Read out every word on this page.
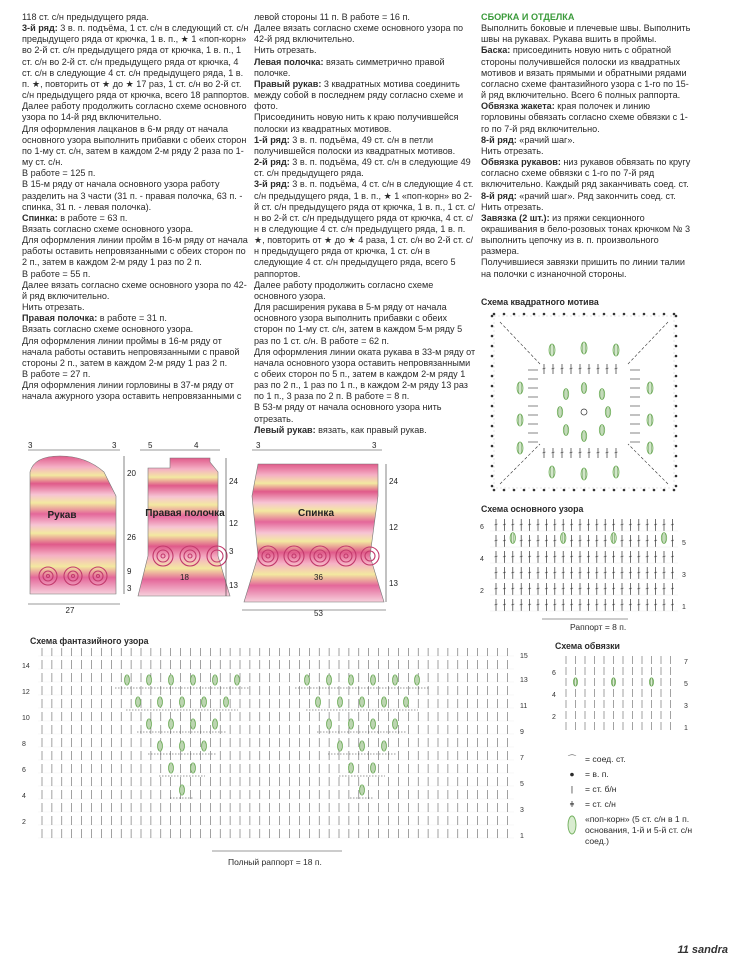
118 ст. с/н предыдущего ряда.

3-й ряд: 3 в. п. подъёма, 1 ст. с/н в следующий ст. с/н предыдущего ряда от крючка, 1 в. п., ★ 1 «поп-корн» во 2-й ст. с/н предыдущего ряда от крючка, 1 в. п., 1 ст. с/н во 2-й ст. с/н предыдущего ряда от крючка, 4 ст. с/н в следующие 4 ст. с/н предыдущего ряда, 1 в. п. ★, повторить от ★ до ★ 17 раз, 1 ст. с/н во 2-й ст. с/н предыдущего ряда от крючка, всего 18 раппортов.

Далее работу продолжить согласно схеме основного узора по 14-й ряд включительно.

Для оформления лацканов в 6-м ряду от начала основного узора выполнить прибавки с обеих сторон по 1-му ст. с/н, затем в каждом 2-м ряду 2 раза по 1-му ст. с/н.

В работе = 125 п.

В 15-м ряду от начала основного узора работу разделить на 3 части (31 п. - правая полочка, 63 п. - спинка, 31 п. - левая полочка).

Спинка: в работе = 63 п.

Вязать согласно схеме основного узора.

Для оформления линии пройм в 16-м ряду от начала работы оставить непровязанными с обеих сторон по 2 п., затем в каждом 2-м ряду 1 раз по 2 п.

В работе = 55 п.

Далее вязать согласно схеме основного узора по 42-й ряд включительно.

Нить отрезать.

Правая полочка: в работе = 31 п.

Вязать согласно схеме основного узора.

Для оформления линии проймы в 16-м ряду от начала работы оставить непровязанными с правой стороны 2 п., затем в каждом 2-м ряду 1 раз 2 п.

В работе = 27 п.

Для оформления линии горловины в 37-м ряду от начала ажурного узора оставить непровязанными с

левой стороны 11 п. В работе = 16 п.

Далее вязать согласно схеме основного узора по 42-й ряд включительно.

Нить отрезать.

Левая полочка: вязать симметрично правой полочке.

Правый рукав: 3 квадратных мотива соединить между собой в последнем ряду согласно схеме и фото.

Присоединить новую нить к краю получившейся полоски из квадратных мотивов.

1-й ряд: 3 в. п. подъёма, 49 ст. с/н в петли получившейся полоски из квадратных мотивов.

2-й ряд: 3 в. п. подъёма, 49 ст. с/н в следующие 49 ст. с/н предыдущего ряда.

3-й ряд: 3 в. п. подъёма, 4 ст. с/н в следующие 4 ст. с/н предыдущего ряда, 1 в. п., ★ 1 «поп-корн» во 2-й ст. с/н предыдущего ряда от крючка, 1 в. п., 1 ст. с/н во 2-й ст. с/н предыдущего ряда от крючка, 4 ст. с/н в следующие 4 ст. с/н предыдущего ряда, 1 в. п. ★, повторить от ★ до ★ 4 раза, 1 ст. с/н во 2-й ст. с/н предыдущего ряда от крючка, 1 ст. с/н в следующие 4 ст. с/н предыдущего ряда, всего 5 раппортов.

Далее работу продолжить согласно схеме основного узора.

Для расширения рукава в 5-м ряду от начала основного узора выполнить прибавки с обеих сторон по 1-му ст. с/н, затем в каждом 5-м ряду 5 раз по 1 ст. с/н. В работе = 62 п.

Для оформления линии оката рукава в 33-м ряду от начала основного узора оставить непровязанными с обеих сторон по 5 п., затем в каждом 2-м ряду 1 раз по 2 п., 1 раз по 1 п., в каждом 2-м ряду 13 раз по 1 п., 3 раза по 2 п. В работе = 8 п.

В 53-м ряду от начала основного узора нить отрезать.

Левый рукав: вязать, как правый рукав.

СБОРКА И ОТДЕЛКА

Выполнить боковые и плечевые швы. Выполнить швы на рукавах. Рукава вшить в проймы.

Баска: присоединить новую нить с обратной стороны получившейся полоски из квадратных мотивов и вязать прямыми и обратными рядами согласно схеме фантазийного узора с 1-го по 15-й ряд включительно. Всего 6 полных раппорта.

Обвязка жакета: края полочек и линию горловины обвязать согласно схеме обвязки с 1-го по 7-й ряд включительно.

8-й ряд: «рачий шаг».

Нить отрезать.

Обвязка рукавов: низ рукавов обвязать по кругу согласно схеме обвязки с 1-го по 7-й ряд включительно. Каждый ряд заканчивать соед. ст.

8-й ряд: «рачий шаг». Ряд закончить соед. ст.

Нить отрезать.

Завязка (2 шт.): из пряжи секционного окрашивания в бело-розовых тонах крючком № 3 выполнить цепочку из в. п. произвольного размера.

Получившиеся завязки пришить по линии талии на полочки с изнаночной стороны.

Схема квадратного мотива
Схема основного узора
Схема фантазийного узора	Схема обвязки
Рукав	Правая полочка	Спинка
3	3
27
20
26
9
3
5	4
18
24
12
3
13
3	3
36
53
24
12
13
6
4
2
5
3
1
Раппорт = 8 п.
14
12
10
8
6
4
2
15
13
11
9
7
5
3
1
Полный раппорт = 18 п.
7
5
3
1
6
4
2
⌒	= соед. ст.
●	= в. п.
|	= ст. б/н
ǂ	= ст. с/н
«поп-корн» (5 ст. с/н в 1 п. основания, 1-й и 5-й ст. с/н соед.)
11 sandra
